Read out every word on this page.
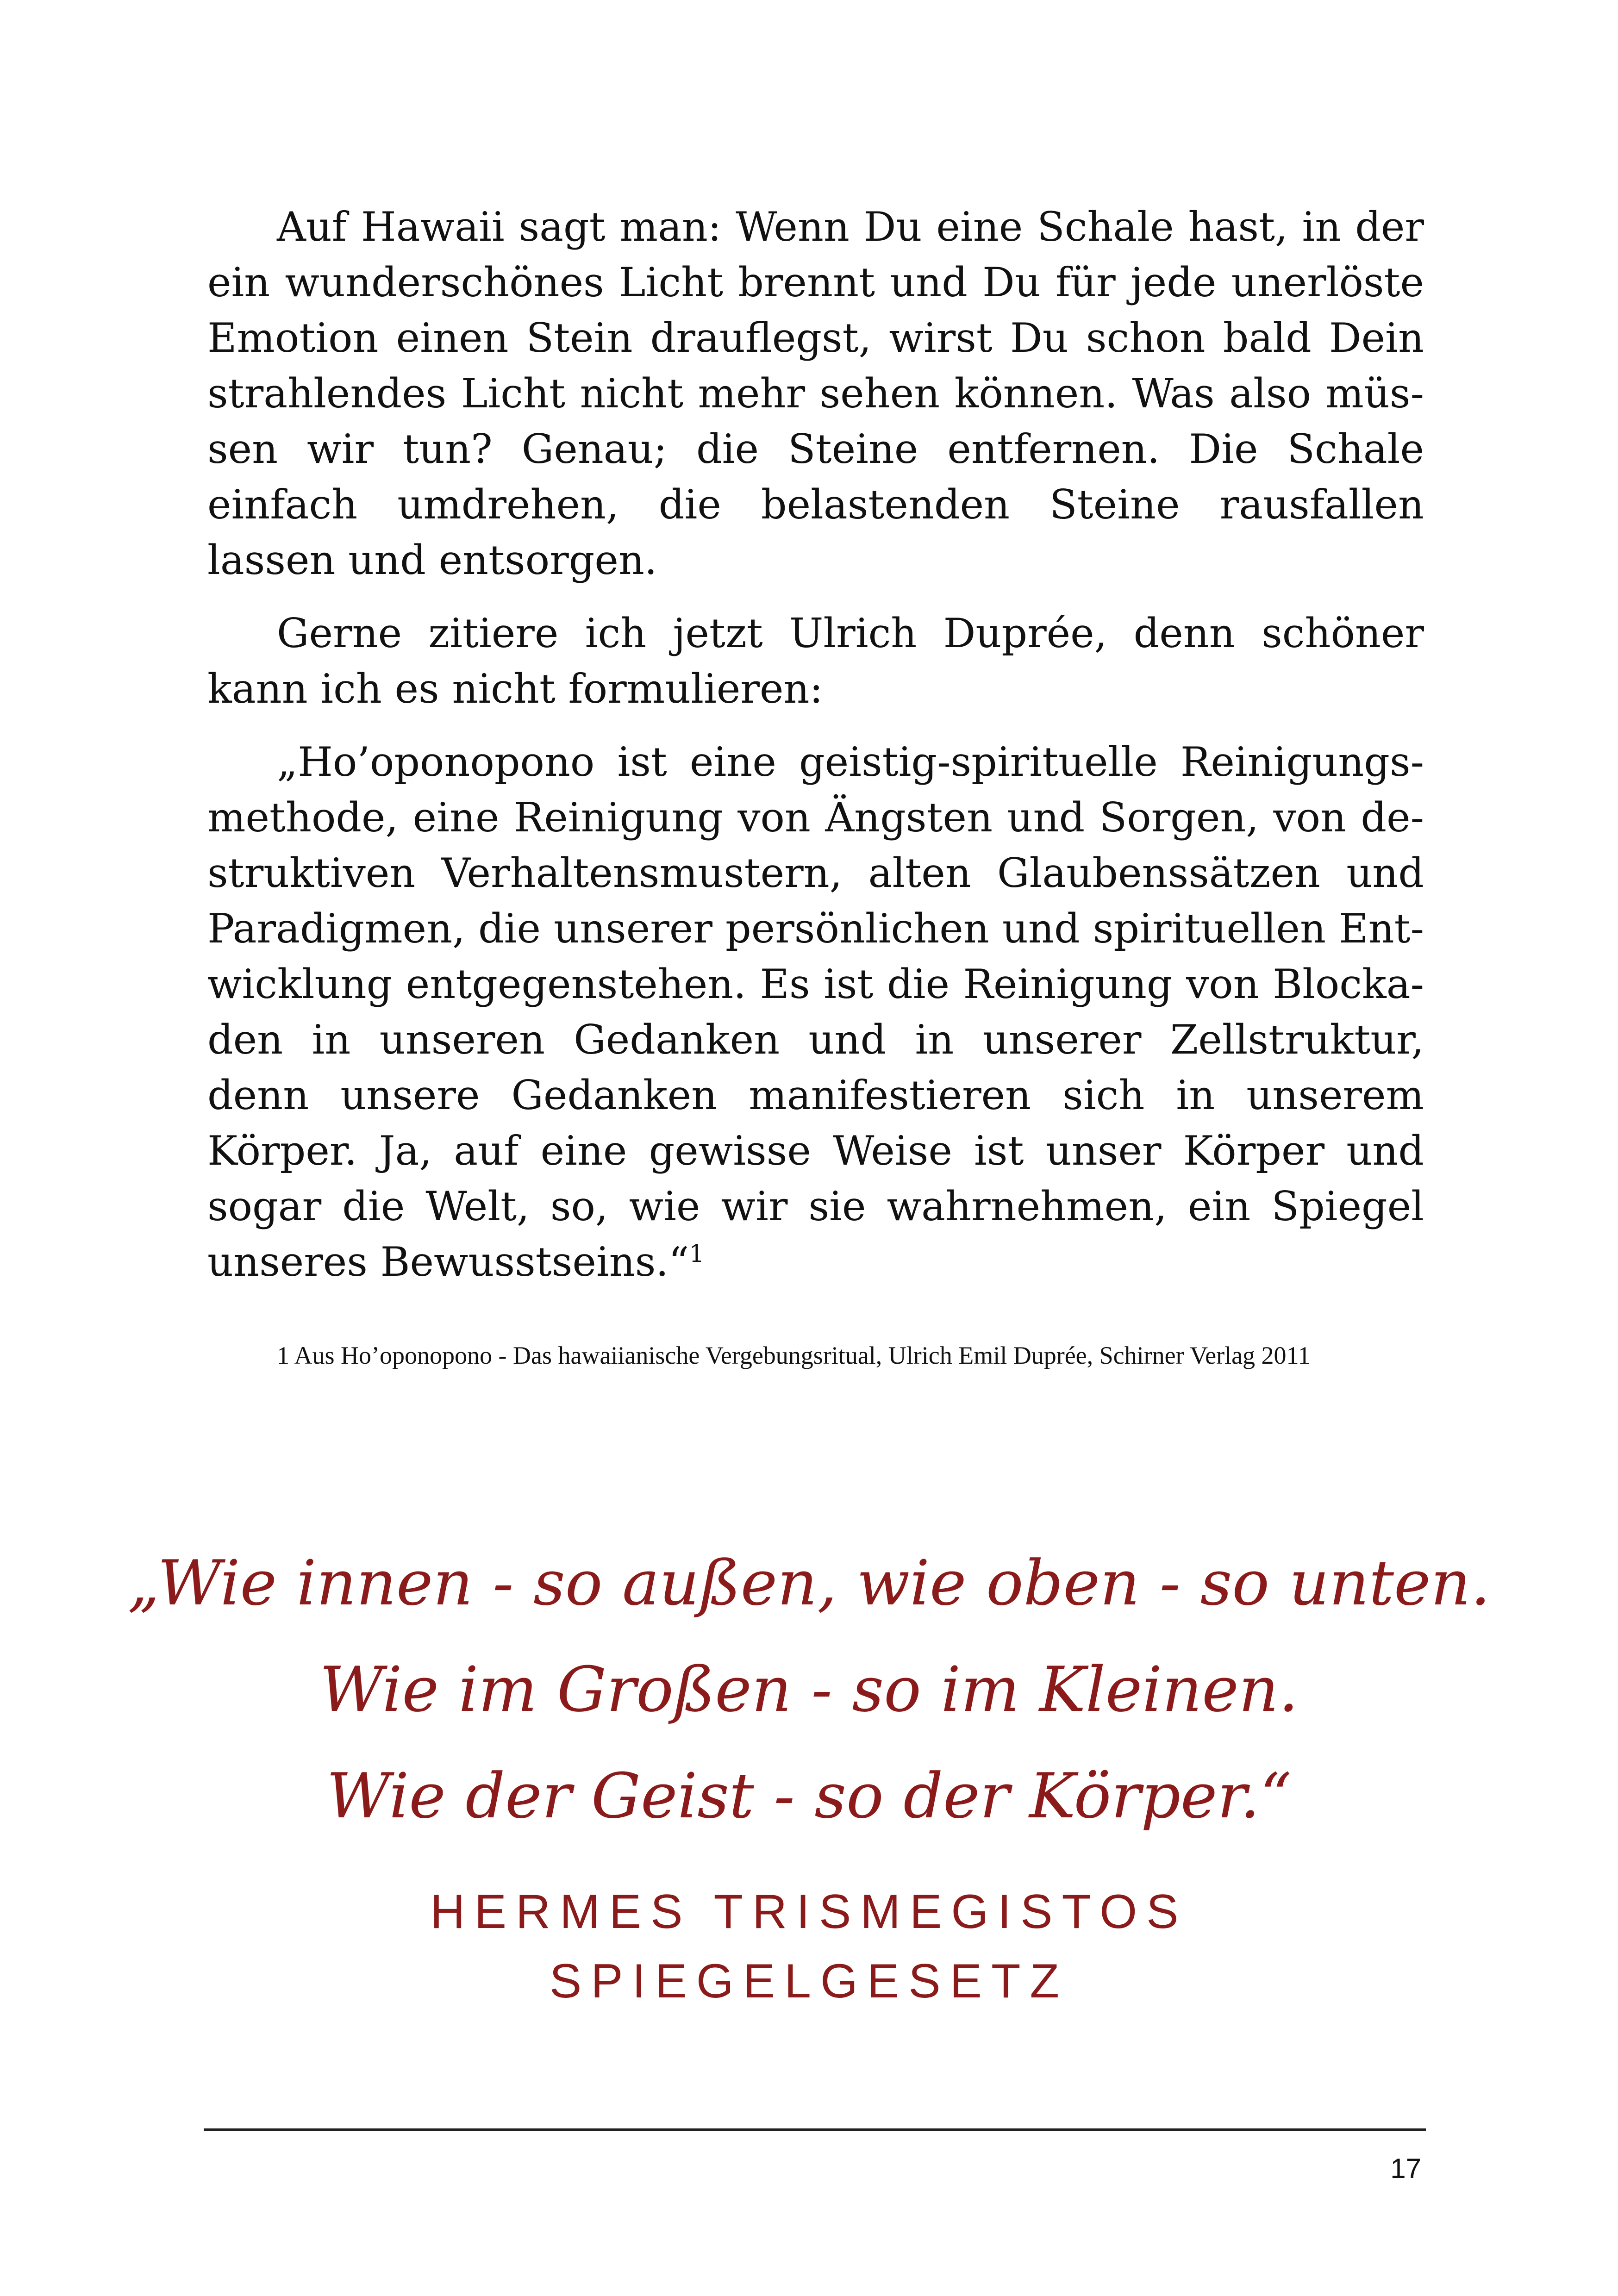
Auf Hawaii sagt man: Wenn Du eine Schale hast, in der ein wunderschönes Licht brennt und Du für jede unerlöste Emotion einen Stein drauflegst, wirst Du schon bald Dein strahlendes Licht nicht mehr sehen können. Was also müssen wir tun? Genau; die Steine entfernen. Die Schale einfach umdrehen, die belastenden Steine rausfallen lassen und entsorgen.

Gerne zitiere ich jetzt Ulrich Duprée, denn schöner kann ich es nicht formulieren:

„Ho’oponopono ist eine geistig-spirituelle Reinigungsmethode, eine Reinigung von Ängsten und Sorgen, von destruktiven Verhaltensmustern, alten Glaubenssätzen und Paradigmen, die unserer persönlichen und spirituellen Entwicklung entgegenstehen. Es ist die Reinigung von Blockaden in unseren Gedanken und in unserer Zellstruktur, denn unsere Gedanken manifestieren sich in unserem Körper. Ja, auf eine gewisse Weise ist unser Körper und sogar die Welt, so, wie wir sie wahrnehmen, ein Spiegel unseres Bewusstseins.“$^1$

1 Aus Ho’oponopono - Das hawaiianische Vergebungsritual, Ulrich Emil Duprée, Schirner Verlag 2011
„Wie innen - so außen, wie oben - so unten.
Wie im Großen - so im Kleinen.
Wie der Geist - so der Körper.“
HERMES TRISMEGISTOS
SPIEGELGESETZ
17
